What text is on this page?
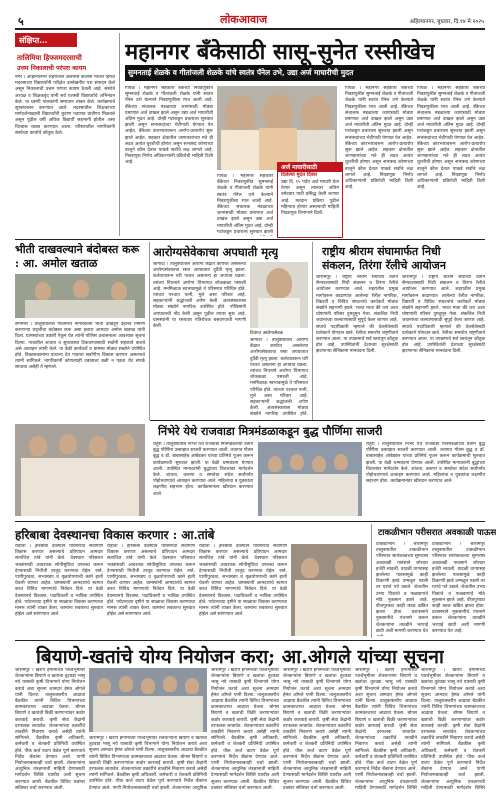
५	लोकआवाज	अहिल्यानगर, बुधवार, दि.१४ मे २०२५
संक्षिप्त...
तालिमिया हिफ्जमदरसाची
उत्तम निकालाची परंपरा कायम
नगर । अहिल्यानगर शहरातील अलमास कॉलनी मधील हिफ्ज मदरसाच्या विद्यार्थ्यांनी परीक्षेत उल्लेखनीय यश संपादन केले असून निकालाची उत्तम परंपरा कायम ठेवली आहे. संस्थेचे अध्यक्ष व शिक्षकवृंद यांनी सर्व यशस्वी विद्यार्थ्यांचे अभिनंदन केले. या प्रसंगी पालकांनी समाधान व्यक्त केले. कार्यक्रमाचे सूत्रसंचालन करण्यात आले. मदरसातील शिक्षकांच्या मार्गदर्शनाखाली विद्यार्थ्यांनी कुराण पठणात प्रावीण्य मिळवले असून पुढील वर्षी अधिक विद्यार्थी सहभागी होतील असा विश्वास व्यक्त करण्यात आला. परिसरातील नागरिकांनी संस्थेच्या कार्याचे कौतुक केले.
महानगर बँकेसाठी सासू-सुनेत रस्सीखेच
सुमनताई शेळके व गीतांजली शेळके यांचे स्वतंत्र पॅनेल उभे, उद्या अर्ज माघारीची मुदत
पिंपळे । महानगर सहकारी बँकेच्या निवडणुकीत सुमनताई शेळके व गीतांजली शेळके यांनी स्वतंत्र पॅनेल उभे केल्याने निवडणुकीला रंगत आली आहे. बँकेच्या संचालक मंडळाच्या जागांसाठी मोठ्या प्रमाणात अर्ज दाखल झाले असून उद्या अर्ज माघारीची अंतिम मुदत आहे. दोन्ही गटांकडून प्रचाराला सुरुवात झाली असून सभासदांच्या भेटीगाठी घेण्यात येत आहेत. बँकेच्या कारभारावरून आरोप-प्रत्यारोप सुरू झाले आहेत. सहकार क्षेत्रातील जाणकारांच्या मते ही लढत अत्यंत चुरशीची होणार असून सभासद कोणाच्या बाजूने कौल देतात याकडे सर्वांचे लक्ष लागले आहे. निवडणूक निर्णय अधिकाऱ्यांनी प्रक्रियेची माहिती दिली आहे.
पिंपळे । महानगर सहकारी बँकेच्या निवडणुकीत सुमनताई शेळके व गीतांजली शेळके यांनी स्वतंत्र पॅनेल उभे केल्याने निवडणुकीला रंगत आली आहे. बँकेच्या संचालक मंडळाच्या जागांसाठी मोठ्या प्रमाणात अर्ज दाखल झाले असून उद्या अर्ज माघारीची अंतिम मुदत आहे. दोन्ही गटांकडून प्रचाराला सुरुवात झाली
अर्ज माघारीसाठी
दिलेल्या मुदत दिवस
उद्या दि. १५ पर्यंत अर्ज माघारी घेता येणार असून त्यानंतर अंतिम उमेदवार यादी प्रसिद्ध केली जाणार आहे. मतदान प्रक्रिया पुढील महिन्यात होणार असल्याची माहिती निवडणूक विभागाने दिली.
पिंपळे । महानगर सहकारी बँकेच्या निवडणुकीत सुमनताई शेळके व गीतांजली शेळके यांनी स्वतंत्र पॅनेल उभे केल्याने निवडणुकीला रंगत आली आहे. बँकेच्या संचालक मंडळाच्या जागांसाठी मोठ्या प्रमाणात अर्ज दाखल झाले असून उद्या अर्ज माघारीची अंतिम मुदत आहे. दोन्ही गटांकडून प्रचाराला सुरुवात झाली असून सभासदांच्या भेटीगाठी घेण्यात येत आहेत. बँकेच्या कारभारावरून आरोप-प्रत्यारोप सुरू झाले आहेत. सहकार क्षेत्रातील जाणकारांच्या मते ही लढत अत्यंत चुरशीची होणार असून सभासद कोणाच्या बाजूने कौल देतात याकडे सर्वांचे लक्ष लागले आहे. निवडणूक निर्णय अधिकाऱ्यांनी प्रक्रियेची माहिती दिली आहे.
पिंपळे । महानगर सहकारी बँकेच्या निवडणुकीत सुमनताई शेळके व गीतांजली शेळके यांनी स्वतंत्र पॅनेल उभे केल्याने निवडणुकीला रंगत आली आहे. बँकेच्या संचालक मंडळाच्या जागांसाठी मोठ्या प्रमाणात अर्ज दाखल झाले असून उद्या अर्ज माघारीची अंतिम मुदत आहे. दोन्ही गटांकडून प्रचाराला सुरुवात झाली असून सभासदांच्या भेटीगाठी घेण्यात येत आहेत. बँकेच्या कारभारावरून आरोप-प्रत्यारोप सुरू झाले आहेत. सहकार क्षेत्रातील जाणकारांच्या मते ही लढत अत्यंत चुरशीची होणार असून सभासद कोणाच्या बाजूने कौल देतात याकडे सर्वांचे लक्ष लागले आहे. निवडणूक निर्णय अधिकाऱ्यांनी प्रक्रियेची माहिती दिली आहे.
भीती दाखवल्याने बंदोबस्त करू : आ. अमोल खताळ
संगमनेर । तालुक्यातील गावांमध्ये नागरिकांना भीती दाखवून दहशत निर्माण करणाऱ्या प्रवृत्तींचा बंदोबस्त करू असा इशारा आमदार अमोल खताळ यांनी दिला. ग्रामस्थांच्या तक्रारी ऐकून घेत त्यांनी पोलिस प्रशासनाला आवश्यक सूचना दिल्या. गावातील शांतता व सुव्यवस्था टिकवण्यासाठी सर्वांनी सहकार्य करावे असे आवाहन त्यांनी केले. या वेळी कार्यकर्ते व ग्रामस्थ मोठ्या संख्येने उपस्थित होते. विकासकामांना प्राधान्य देत गावाचा सर्वांगीण विकास करणार असल्याचे त्यांनी सांगितले. नागरिकांनी कोणत्याही दबावाला बळी न पडता थेट संपर्क साधावा असेही ते म्हणाले.
आरोग्यसेवेकाचा अपघाती मृत्यू
दिवंगत आरोग्यसेवक
श्रीगोंदा । तालुक्यातील आरोग्य केंद्रात कार्यरत असलेल्या आरोग्यसेवकाचा रस्ता अपघातात दुर्दैवी मृत्यू झाला. कर्तव्यावरून घरी परतत असताना हा अपघात घडला. त्यांच्या निधनाने आरोग्य विभागात शोककळा पसरली आहे. मनमिळाऊ स्वभावामुळे ते परिसरात परिचित होते. त्यांच्या पश्चात पत्नी, मुले असा परिवार आहे. सहकाऱ्यांनी श्रद्धांजली अर्पण केली. अंत्यसंस्कारास मोठ्या संख्येने नागरिक उपस्थित होते. पोलिसांनी अपघाताची नोंद केली असून पुढील तपास सुरू आहे. ग्रामस्थांनी या रस्त्यावर गतिरोधक बसवण्याची मागणी केली.
श्रीगोंदा । तालुक्यातील आरोग्य केंद्रात कार्यरत असलेल्या आरोग्यसेवकाचा रस्ता अपघातात दुर्दैवी मृत्यू झाला. कर्तव्यावरून घरी परतत असताना हा अपघात घडला. त्यांच्या निधनाने आरोग्य विभागात शोककळा पसरली आहे. मनमिळाऊ स्वभावामुळे ते परिसरात परिचित होते. त्यांच्या पश्चात पत्नी, मुले असा परिवार आहे. सहकाऱ्यांनी श्रद्धांजली अर्पण केली. अंत्यसंस्कारास मोठ्या संख्येने नागरिक उपस्थित होते.
राष्ट्रीय श्रीराम संघामार्फत निधी
संकलन, तिरंगा रॅलीचे आयोजन
श्रीरामपूर । राष्ट्रीय श्रीराम संघाच्या वतीने सैन्यदलासाठी निधी संकलन व तिरंगा रॅलीचे आयोजन करण्यात आले. शहरातील प्रमुख मार्गावरून काढण्यात आलेल्या रॅलीत नागरिक, विद्यार्थी व विविध संघटनांचे कार्यकर्ते मोठ्या संख्येने सहभागी झाले. भारत माता की जय अशा घोषणांनी परिसर दुमदुमून गेला. संकलित निधी जवानांच्या कल्याणासाठी सुपूर्द केला जाणार आहे. संघाचे पदाधिकारी म्हणाले की देशसेवेसाठी प्रत्येकाने योगदान द्यावे. रॅलीचा समारोप राष्ट्रगीताने करण्यात आला. या उपक्रमाचे सर्व स्तरांतून कौतुक होत आहे. उपस्थितांनी देशाच्या सुरक्षेसाठी झटणाऱ्या सैनिकांना मानवंदना दिली.
श्रीरामपूर । राष्ट्रीय श्रीराम संघाच्या वतीने सैन्यदलासाठी निधी संकलन व तिरंगा रॅलीचे आयोजन करण्यात आले. शहरातील प्रमुख मार्गावरून काढण्यात आलेल्या रॅलीत नागरिक, विद्यार्थी व विविध संघटनांचे कार्यकर्ते मोठ्या संख्येने सहभागी झाले. भारत माता की जय अशा घोषणांनी परिसर दुमदुमून गेला. संकलित निधी जवानांच्या कल्याणासाठी सुपूर्द केला जाणार आहे. संघाचे पदाधिकारी म्हणाले की देशसेवेसाठी प्रत्येकाने योगदान द्यावे. रॅलीचा समारोप राष्ट्रगीताने करण्यात आला. या उपक्रमाचे सर्व स्तरांतून कौतुक होत आहे. उपस्थितांनी देशाच्या सुरक्षेसाठी झटणाऱ्या सैनिकांना मानवंदना दिली.
निंभेरे येथे राजवाडा मित्रमंडळाकडून बुद्ध पौर्णिमा साजरी
राहुरी । तालुक्यातील निंभेरे येथे राजवाडा मित्रमंडळाच्या वतीने बुद्ध पौर्णिमा उत्साहात साजरी करण्यात आली. तथागत गौतम बुद्ध व डॉ. बाबासाहेब आंबेडकर यांच्या प्रतिमेचे पूजन करून कार्यक्रमाची सुरुवात झाली. या वेळी धम्मवंदना घेण्यात आली. उपस्थित मान्यवरांनी बुद्धांच्या विचारांवर मार्गदर्शन केले. शांतता, करुणा व समतेचा संदेश सर्वांपर्यंत पोहोचवण्याचे आवाहन करण्यात आले. महिलांचा व युवकांचा लक्षणीय सहभाग होता. कार्यक्रमानंतर खीरदान करण्यात आले.
राहुरी । तालुक्यातील निंभेरे येथे राजवाडा मित्रमंडळाच्या वतीने बुद्ध पौर्णिमा उत्साहात साजरी करण्यात आली. तथागत गौतम बुद्ध व डॉ. बाबासाहेब आंबेडकर यांच्या प्रतिमेचे पूजन करून कार्यक्रमाची सुरुवात झाली. या वेळी धम्मवंदना घेण्यात आली. उपस्थित मान्यवरांनी बुद्धांच्या विचारांवर मार्गदर्शन केले. शांतता, करुणा व समतेचा संदेश सर्वांपर्यंत पोहोचवण्याचे आवाहन करण्यात आले. महिलांचा व युवकांचा लक्षणीय सहभाग होता. कार्यक्रमानंतर खीरदान करण्यात आले.
हरिबाबा देवस्थानचा विकास करणार : आ.तांबे
राहाता । हरिबाबा देवस्थान परिसराचा सर्वांगीण विकास करणार असल्याचे प्रतिपादन आमदार सत्यजित तांबे यांनी केले. देवस्थान परिसरात भक्तांसाठी आवश्यक सोयीसुविधा उपलब्ध करून देण्यासाठी निधीची तरतूद करण्यात येईल. रस्ते, पाणीपुरवठा, सभामंडप व वृक्षारोपणाची कामे हाती घेतली जाणार आहेत. ग्रामस्थांनी आमदारांचे स्वागत करत विविध मागण्यांचे निवेदन दिले. या वेळी देवस्थानचे विश्वस्त, पदाधिकारी व भाविक उपस्थित होते. पर्यटनाच्या दृष्टीने या स्थळाचा विकास करण्याचा मानस त्यांनी व्यक्त केला. कामांना लवकरच सुरुवात होईल असे सांगण्यात आले.
राहाता । हरिबाबा देवस्थान परिसराचा सर्वांगीण विकास करणार असल्याचे प्रतिपादन आमदार सत्यजित तांबे यांनी केले. देवस्थान परिसरात भक्तांसाठी आवश्यक सोयीसुविधा उपलब्ध करून देण्यासाठी निधीची तरतूद करण्यात येईल. रस्ते, पाणीपुरवठा, सभामंडप व वृक्षारोपणाची कामे हाती घेतली जाणार आहेत. ग्रामस्थांनी आमदारांचे स्वागत करत विविध मागण्यांचे निवेदन दिले. या वेळी देवस्थानचे विश्वस्त, पदाधिकारी व भाविक उपस्थित होते. पर्यटनाच्या दृष्टीने या स्थळाचा विकास करण्याचा मानस त्यांनी व्यक्त केला. कामांना लवकरच सुरुवात होईल असे सांगण्यात आले.
राहाता । हरिबाबा देवस्थान परिसराचा सर्वांगीण विकास करणार असल्याचे प्रतिपादन आमदार सत्यजित तांबे यांनी केले. देवस्थान परिसरात भक्तांसाठी आवश्यक सोयीसुविधा उपलब्ध करून देण्यासाठी निधीची तरतूद करण्यात येईल. रस्ते, पाणीपुरवठा, सभामंडप व वृक्षारोपणाची कामे हाती घेतली जाणार आहेत. ग्रामस्थांनी आमदारांचे स्वागत करत विविध मागण्यांचे निवेदन दिले. या वेळी देवस्थानचे विश्वस्त, पदाधिकारी व भाविक उपस्थित होते. पर्यटनाच्या दृष्टीने या स्थळाचा विकास करण्याचा मानस त्यांनी व्यक्त केला. कामांना लवकरच सुरुवात होईल असे सांगण्यात आले.
टाकळीभान परीसरात अवकाळी पाऊस
टाकळीभान । श्रीरामपूर तालुक्यातील टाकळीभान परिसरात सायंकाळच्या सुमारास अवकाळी पावसाने जोरदार हजेरी लावली. वादळी वाऱ्यासह झालेल्या पावसामुळे काही ठिकाणी झाडे उन्मळून पडली तर घरांचे पत्रे उडाले. शेतातील उभ्या पिकांचे व फळबागांचे मोठे नुकसान झाले आहे. वीजपुरवठा काही काळ खंडित झाला होता. प्रशासनाने नुकसानीचे पंचनामे करून शेतकऱ्यांना तातडीने भरपाई द्यावी अशी मागणी करण्यात येत
टाकळीभान । श्रीरामपूर तालुक्यातील टाकळीभान परिसरात सायंकाळच्या सुमारास अवकाळी पावसाने जोरदार हजेरी लावली. वादळी वाऱ्यासह झालेल्या पावसामुळे काही ठिकाणी झाडे उन्मळून पडली तर घरांचे पत्रे उडाले. शेतातील उभ्या पिकांचे व फळबागांचे मोठे नुकसान झाले आहे. वीजपुरवठा काही काळ खंडित झाला होता. प्रशासनाने नुकसानीचे पंचनामे करून शेतकऱ्यांना तातडीने भरपाई द्यावी अशी मागणी करण्यात येत आहे.
बियाणे-खतांचे योग्य नियोजन करा; आ.ओगले यांच्या सूचना
श्रीरामपूर । खरीप हंगामाच्या पार्श्वभूमीवर शेतकऱ्यांना बियाणे व खतांचा तुटवडा भासू नये यासाठी कृषी विभागाने योग्य नियोजन करावे अशा सूचना आमदार हेमंत ओगले यांनी दिल्या. तालुकास्तरीय आढावा बैठकीत त्यांनी विविध विभागांच्या कामकाजाचा आढावा घेतला. बोगस बियाणे व खतांची विक्री करणाऱ्यांवर कठोर कारवाई करावी. कृषी सेवा केंद्रांनी दरफलक लावावेत. शेतकऱ्यांच्या तक्रारींचे तातडीने निवारण करावे असेही त्यांनी सांगितले. बैठकीस कृषी अधिकारी, कर्मचारी व शेतकरी प्रतिनिधी उपस्थित होते. पीक कर्ज वाटप वेळेत पूर्ण करण्याचे निर्देश बँकांना देण्यात आले. पाणी नियोजनाबाबतही चर्चा झाली. शेतकऱ्यांना आधुनिक तंत्रज्ञानाची माहिती देण्यासाठी मार्गदर्शन शिबिरे घ्यावीत अशी सूचना करण्यात आली. बैठकीत विविध प्रश्नांवर सविस्तर चर्चा करण्यात आली.
श्रीरामपूर । खरीप हंगामाच्या पार्श्वभूमीवर शेतकऱ्यांना बियाणे व खतांचा तुटवडा भासू नये यासाठी कृषी विभागाने योग्य नियोजन करावे अशा सूचना आमदार हेमंत ओगले यांनी दिल्या. तालुकास्तरीय आढावा बैठकीत त्यांनी विविध विभागांच्या कामकाजाचा आढावा घेतला. बोगस बियाणे व खतांची विक्री करणाऱ्यांवर कठोर कारवाई करावी. कृषी सेवा केंद्रांनी दरफलक लावावेत. शेतकऱ्यांच्या तक्रारींचे तातडीने निवारण करावे असेही त्यांनी सांगितले. बैठकीस कृषी अधिकारी, कर्मचारी व शेतकरी प्रतिनिधी उपस्थित होते. पीक कर्ज वाटप वेळेत पूर्ण करण्याचे निर्देश बँकांना देण्यात आले. पाणी नियोजनाबाबतही चर्चा झाली. शेतकऱ्यांना आधुनिक
श्रीरामपूर । खरीप हंगामाच्या पार्श्वभूमीवर शेतकऱ्यांना बियाणे व खतांचा तुटवडा भासू नये यासाठी कृषी विभागाने योग्य नियोजन करावे अशा सूचना आमदार हेमंत ओगले यांनी दिल्या. तालुकास्तरीय आढावा बैठकीत त्यांनी विविध विभागांच्या कामकाजाचा आढावा घेतला. बोगस बियाणे व खतांची विक्री करणाऱ्यांवर कठोर कारवाई करावी. कृषी सेवा केंद्रांनी दरफलक लावावेत. शेतकऱ्यांच्या तक्रारींचे तातडीने निवारण करावे असेही त्यांनी सांगितले. बैठकीस कृषी अधिकारी, कर्मचारी व शेतकरी प्रतिनिधी उपस्थित होते. पीक कर्ज वाटप वेळेत पूर्ण करण्याचे निर्देश बँकांना देण्यात आले. पाणी नियोजनाबाबतही चर्चा झाली. शेतकऱ्यांना आधुनिक तंत्रज्ञानाची माहिती देण्यासाठी मार्गदर्शन शिबिरे घ्यावीत अशी सूचना करण्यात आली. बैठकीत विविध प्रश्नांवर सविस्तर चर्चा करण्यात आली.
श्रीरामपूर । खरीप हंगामाच्या पार्श्वभूमीवर शेतकऱ्यांना बियाणे व खतांचा तुटवडा भासू नये यासाठी कृषी विभागाने योग्य नियोजन करावे अशा सूचना आमदार हेमंत ओगले यांनी दिल्या. तालुकास्तरीय आढावा बैठकीत त्यांनी विविध विभागांच्या कामकाजाचा आढावा घेतला. बोगस बियाणे व खतांची विक्री करणाऱ्यांवर कठोर कारवाई करावी. कृषी सेवा केंद्रांनी दरफलक लावावेत. शेतकऱ्यांच्या तक्रारींचे तातडीने निवारण करावे असेही त्यांनी सांगितले. बैठकीस कृषी अधिकारी, कर्मचारी व शेतकरी प्रतिनिधी उपस्थित होते. पीक कर्ज वाटप वेळेत पूर्ण करण्याचे निर्देश बँकांना देण्यात आले. पाणी नियोजनाबाबतही चर्चा झाली. शेतकऱ्यांना आधुनिक तंत्रज्ञानाची माहिती देण्यासाठी मार्गदर्शन शिबिरे घ्यावीत अशी सूचना करण्यात आली. बैठकीत विविध प्रश्नांवर सविस्तर चर्चा करण्यात आली.
श्रीरामपूर । खरीप हंगामाच्या पार्श्वभूमीवर शेतकऱ्यांना बियाणे व खतांचा तुटवडा भासू नये यासाठी कृषी विभागाने योग्य नियोजन करावे अशा सूचना आमदार हेमंत ओगले यांनी दिल्या. तालुकास्तरीय आढावा बैठकीत त्यांनी विविध विभागांच्या कामकाजाचा आढावा घेतला. बोगस बियाणे व खतांची विक्री करणाऱ्यांवर कठोर कारवाई करावी. कृषी सेवा केंद्रांनी दरफलक लावावेत. शेतकऱ्यांच्या तक्रारींचे तातडीने निवारण करावे असेही त्यांनी सांगितले. बैठकीस कृषी अधिकारी, कर्मचारी व शेतकरी प्रतिनिधी उपस्थित होते. पीक कर्ज वाटप वेळेत पूर्ण करण्याचे निर्देश बँकांना देण्यात आले. पाणी नियोजनाबाबतही चर्चा झाली. शेतकऱ्यांना आधुनिक तंत्रज्ञानाची माहिती देण्यासाठी मार्गदर्शन शिबिरे
श्रीरामपूर । खरीप हंगामाच्या पार्श्वभूमीवर शेतकऱ्यांना बियाणे व खतांचा तुटवडा भासू नये यासाठी कृषी विभागाने योग्य नियोजन करावे अशा सूचना आमदार हेमंत ओगले यांनी दिल्या. तालुकास्तरीय आढावा बैठकीत त्यांनी विविध विभागांच्या कामकाजाचा आढावा घेतला. बोगस बियाणे व खतांची विक्री करणाऱ्यांवर कठोर कारवाई करावी. कृषी सेवा केंद्रांनी दरफलक लावावेत. शेतकऱ्यांच्या तक्रारींचे तातडीने निवारण करावे असेही त्यांनी सांगितले. बैठकीस कृषी अधिकारी, कर्मचारी व शेतकरी प्रतिनिधी उपस्थित होते. पीक कर्ज वाटप वेळेत पूर्ण करण्याचे निर्देश बँकांना देण्यात आले. पाणी नियोजनाबाबतही चर्चा झाली. शेतकऱ्यांना आधुनिक तंत्रज्ञानाची माहिती देण्यासाठी मार्गदर्शन शिबिरे
